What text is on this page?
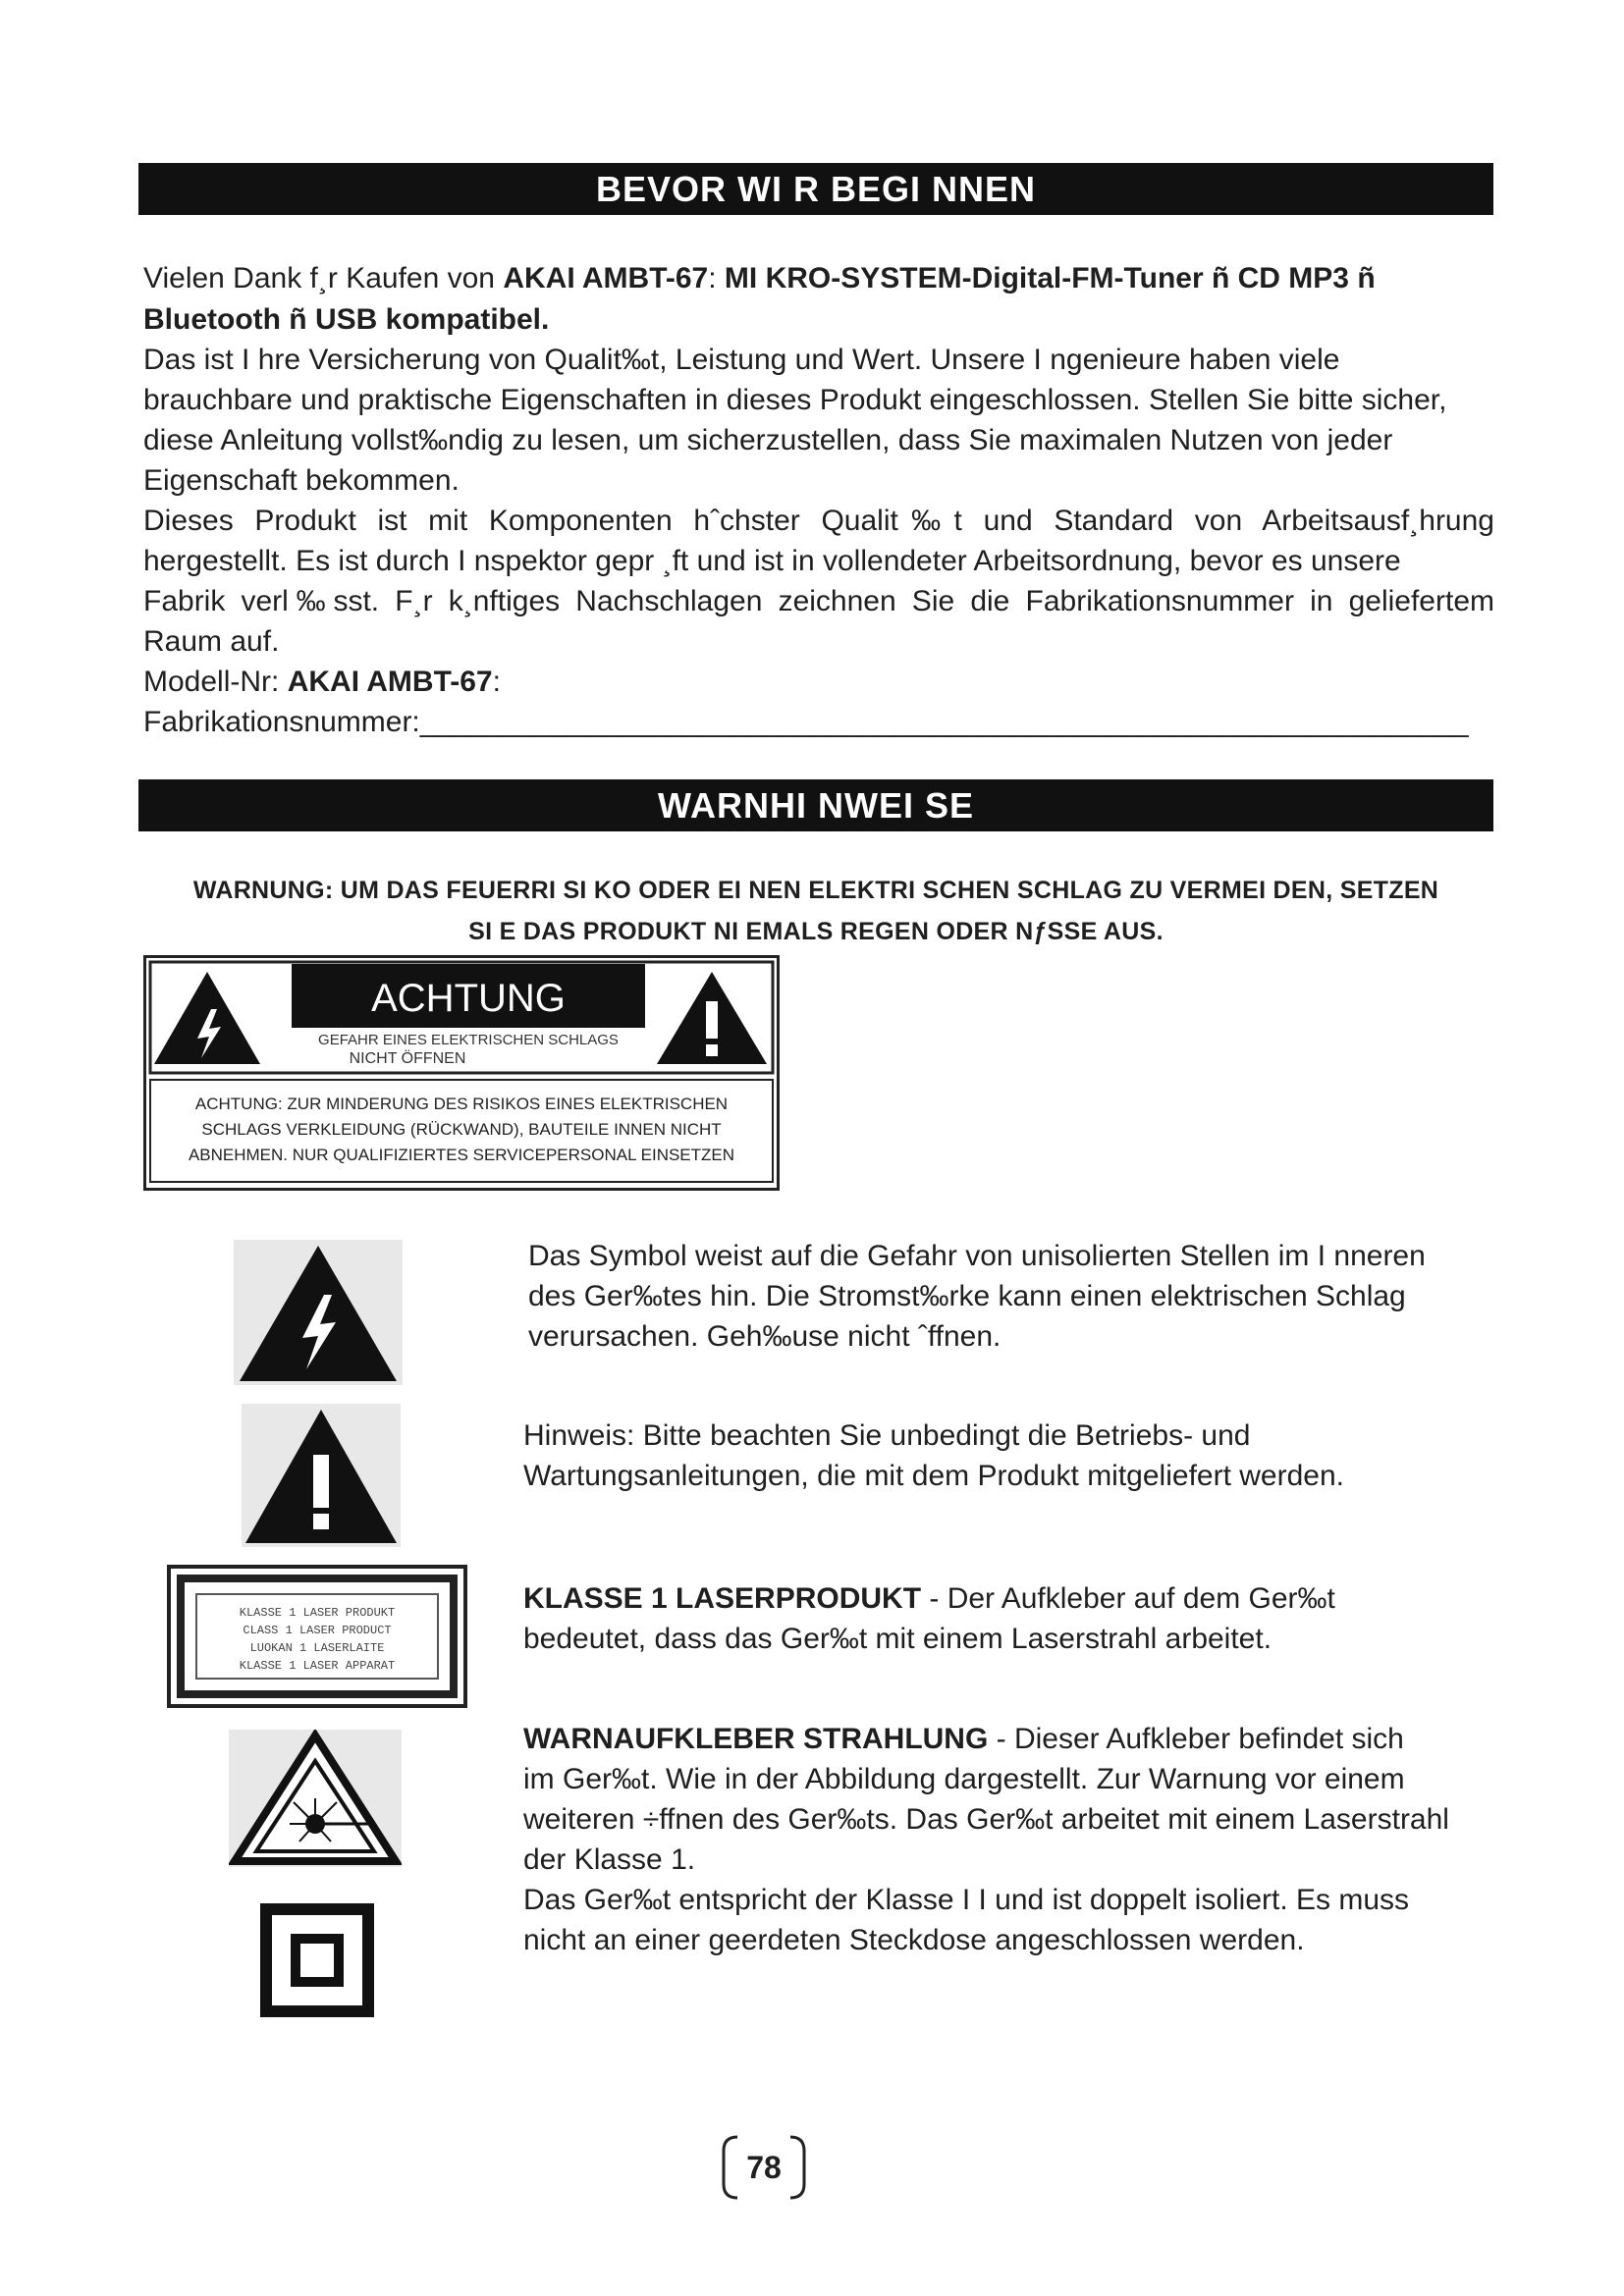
BEVOR WI R BEGI NNEN

Vielen Dank f¸r Kaufen von AKAI AMBT-67: MI KRO-SYSTEM-Digital-FM-Tuner ñ CD MP3 ñ

Bluetooth ñ USB kompatibel.

Das ist I hre Versicherung von Qualit‰t, Leistung und Wert. Unsere I ngenieure haben viele

brauchbare und praktische Eigenschaften in dieses Produkt eingeschlossen. Stellen Sie bitte sicher,

diese Anleitung vollst‰ndig zu lesen, um sicherzustellen, dass Sie maximalen Nutzen von jeder

Eigenschaft bekommen.

Dieses Produkt ist mit Komponenten hˆchster Qualit‰t und Standard von Arbeitsausf¸hrung

hergestellt. Es ist durch I nspektor gepr ¸ft und ist in vollendeter Arbeitsordnung, bevor es unsere

Fabrik verl‰sst. F¸r k¸nftiges Nachschlagen zeichnen Sie die Fabrikationsnummer in geliefertem

Raum auf.

Modell-Nr: AKAI AMBT-67:

Fabrikationsnummer:________________________________________________________________

WARNHI NWEI SE

WARNUNG: UM DAS FEUERRI SI KO ODER EI NEN ELEKTRI SCHEN SCHLAG ZU VERMEI DEN, SETZEN

SI E DAS PRODUKT NI EMALS REGEN ODER NƒSSE AUS.

ACHTUNG
GEFAHR EINES ELEKTRISCHEN SCHLAGS
NICHT ÖFFNEN
ACHTUNG: ZUR MINDERUNG DES RISIKOS EINES ELEKTRISCHEN
SCHLAGS VERKLEIDUNG (RÜCKWAND), BAUTEILE INNEN NICHT
ABNEHMEN. NUR QUALIFIZIERTES SERVICEPERSONAL EINSETZEN

Das Symbol weist auf die Gefahr von unisolierten Stellen im I nneren

des Ger‰tes hin. Die Stromst‰rke kann einen elektrischen Schlag

verursachen. Geh‰use nicht ˆffnen.

Hinweis: Bitte beachten Sie unbedingt die Betriebs- und

Wartungsanleitungen, die mit dem Produkt mitgeliefert werden.

KLASSE 1 LASER PRODUKT
CLASS 1 LASER PRODUCT
LUOKAN 1 LASERLAITE
KLASSE 1 LASER APPARAT

KLASSE 1 LASERPRODUKT - Der Aufkleber auf dem Ger‰t

bedeutet, dass das Ger‰t mit einem Laserstrahl arbeitet.

WARNAUFKLEBER STRAHLUNG - Dieser Aufkleber befindet sich

im Ger‰t. Wie in der Abbildung dargestellt. Zur Warnung vor einem

weiteren ÷ffnen des Ger‰ts. Das Ger‰t arbeitet mit einem Laserstrahl

der Klasse 1.

Das Ger‰t entspricht der Klasse I I und ist doppelt isoliert. Es muss

nicht an einer geerdeten Steckdose angeschlossen werden.

78
